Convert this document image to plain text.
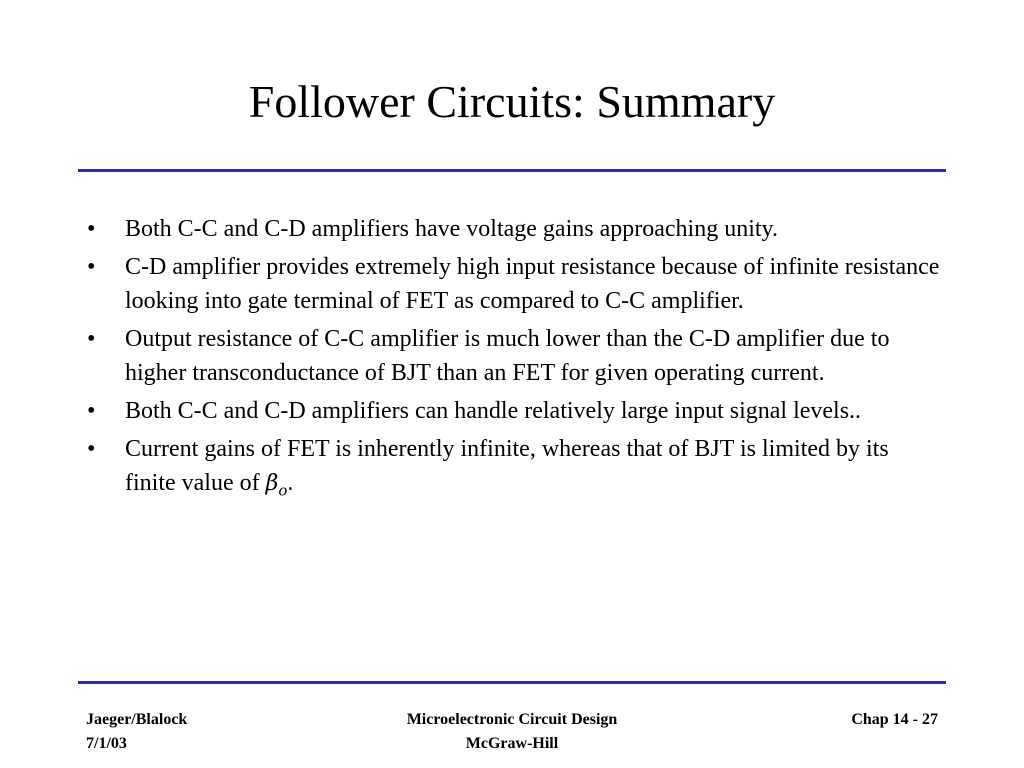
Follower Circuits: Summary
• Both C-C and C-D amplifiers have voltage gains approaching unity.
• C-D amplifier provides extremely high input resistance because of infinite resistance looking into gate terminal of FET as compared to C-C amplifier.
• Output resistance of C-C amplifier is much lower than the C-D amplifier due to higher transconductance of BJT than an FET for given operating current.
• Both C-C and C-D amplifiers can handle relatively large input signal levels..
• Current gains of FET is inherently infinite, whereas that of BJT is limited by its finite value of $\beta_o$.
Jaeger/Blalock
7/1/03
Microelectronic Circuit Design
McGraw-Hill
Chap 14 - 27
